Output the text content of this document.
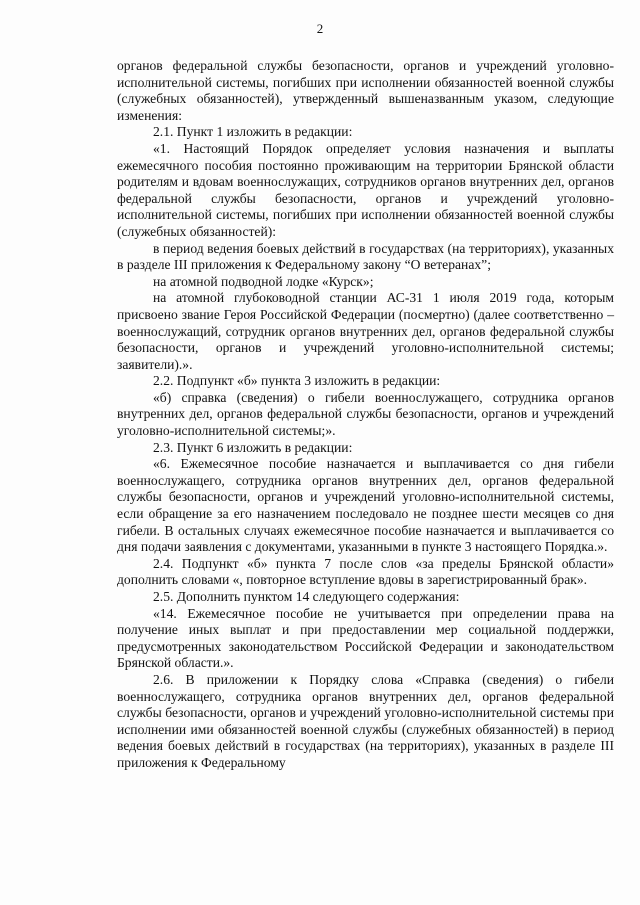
2

органов федеральной службы безопасности, органов и учреждений уголовно-исполнительной системы, погибших при исполнении обязанностей военной службы (служебных обязанностей), утвержденный вышеназванным указом, следующие изменения:

2.1. Пункт 1 изложить в редакции:

«1. Настоящий Порядок определяет условия назначения и выплаты ежемесячного пособия постоянно проживающим на территории Брянской области родителям и вдовам военнослужащих, сотрудников органов внутренних дел, органов федеральной службы безопасности, органов и учреждений уголовно-исполнительной системы, погибших при исполнении обязанностей военной службы (служебных обязанностей):

в период ведения боевых действий в государствах (на территориях), указанных в разделе III приложения к Федеральному закону “О ветеранах”;

на атомной подводной лодке «Курск»;

на атомной глубоководной станции АС-31 1 июля 2019 года, которым присвоено звание Героя Российской Федерации (посмертно) (далее соответственно – военнослужащий, сотрудник органов внутренних дел, органов федеральной службы безопасности, органов и учреждений уголовно-исполнительной системы; заявители).».

2.2. Подпункт «б» пункта 3 изложить в редакции:

«б) справка (сведения) о гибели военнослужащего, сотрудника органов внутренних дел, органов федеральной службы безопасности, органов и учреждений уголовно-исполнительной системы;».

2.3. Пункт 6 изложить в редакции:

«6. Ежемесячное пособие назначается и выплачивается со дня гибели военнослужащего, сотрудника органов внутренних дел, органов федеральной службы безопасности, органов и учреждений уголовно-исполнительной системы, если обращение за его назначением последовало не позднее шести месяцев со дня гибели. В остальных случаях ежемесячное пособие назначается и выплачивается со дня подачи заявления с документами, указанными в пункте 3 настоящего Порядка.».

2.4. Подпункт «б» пункта 7 после слов «за пределы Брянской области» дополнить словами «, повторное вступление вдовы в зарегистрированный брак».

2.5. Дополнить пунктом 14 следующего содержания:

«14. Ежемесячное пособие не учитывается при определении права на получение иных выплат и при предоставлении мер социальной поддержки, предусмотренных законодательством Российской Федерации и законодательством Брянской области.».

2.6. В приложении к Порядку слова «Справка (сведения) о гибели военнослужащего, сотрудника органов внутренних дел, органов федеральной службы безопасности, органов и учреждений уголовно-исполнительной системы при исполнении ими обязанностей военной службы (служебных обязанностей) в период ведения боевых действий в государствах (на территориях), указанных в разделе III приложения к Федеральному
